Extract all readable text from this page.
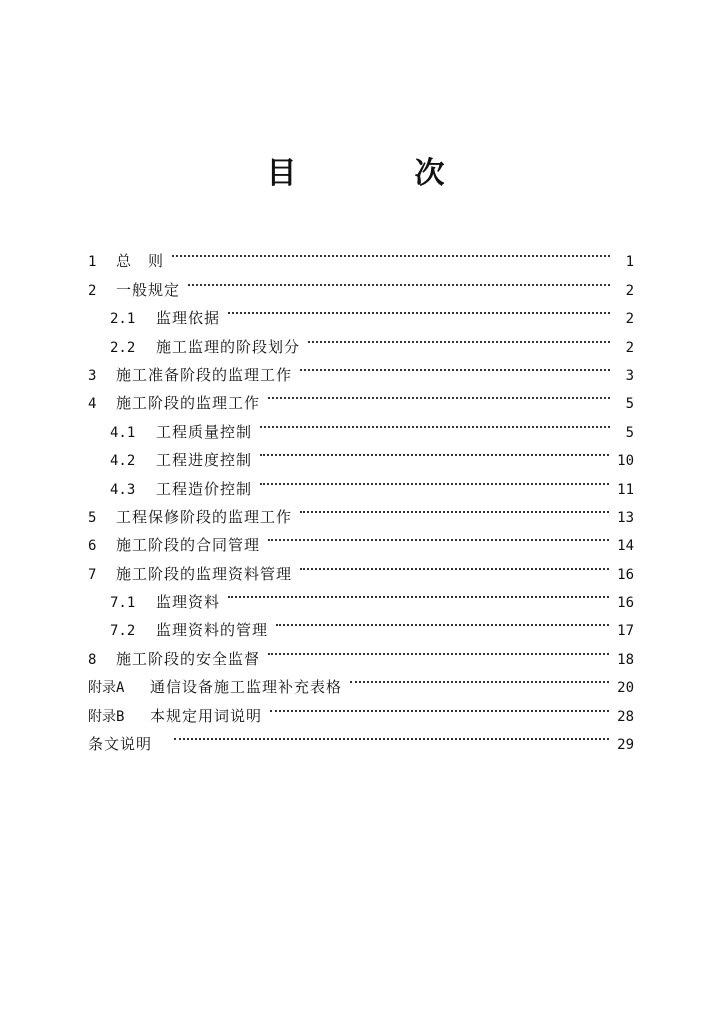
目　次
1	总　则	1
2	一般规定	2
2.1	监理依据	2
2.2	施工监理的阶段划分	2
3	施工准备阶段的监理工作	3
4	施工阶段的监理工作	5
4.1	工程质量控制	5
4.2	工程进度控制	10
4.3	工程造价控制	11
5	工程保修阶段的监理工作	13
6	施工阶段的合同管理	14
7	施工阶段的监理资料管理	16
7.1	监理资料	16
7.2	监理资料的管理	17
8	施工阶段的安全监督	18
附录A	通信设备施工监理补充表格	20
附录B	本规定用词说明	28
条文说明	29
